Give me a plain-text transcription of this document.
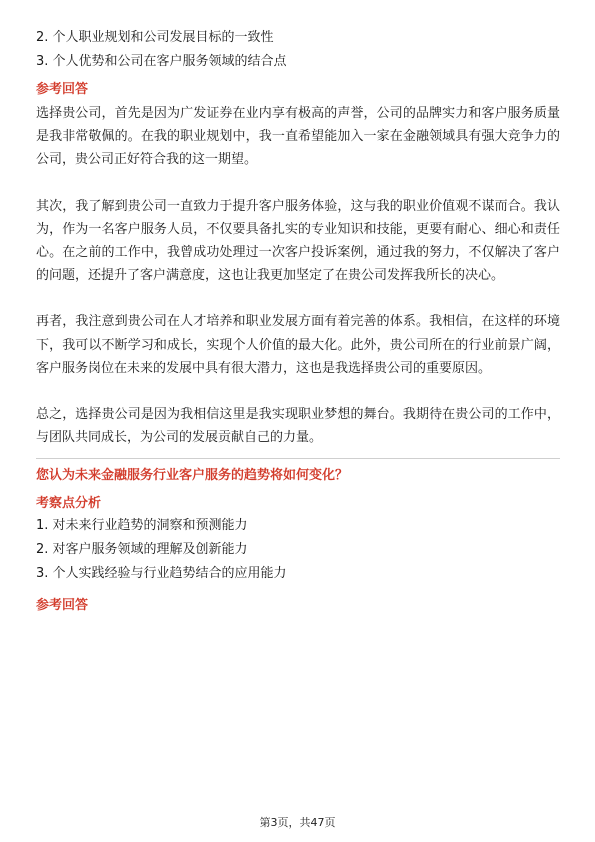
2. 个人职业规划和公司发展目标的一致性
3. 个人优势和公司在客户服务领域的结合点
参考回答

选择贵公司，首先是因为广发证券在业内享有极高的声誉，公司的品牌实力和客户服务质量是我非常敬佩的。在我的职业规划中，我一直希望能加入一家在金融领域具有强大竞争力的公司，贵公司正好符合我的这一期望。

其次，我了解到贵公司一直致力于提升客户服务体验，这与我的职业价值观不谋而合。我认为，作为一名客户服务人员，不仅要具备扎实的专业知识和技能，更要有耐心、细心和责任心。在之前的工作中，我曾成功处理过一次客户投诉案例，通过我的努力，不仅解决了客户的问题，还提升了客户满意度，这也让我更加坚定了在贵公司发挥我所长的决心。

再者，我注意到贵公司在人才培养和职业发展方面有着完善的体系。我相信，在这样的环境下，我可以不断学习和成长，实现个人价值的最大化。此外，贵公司所在的行业前景广阔，客户服务岗位在未来的发展中具有很大潜力，这也是我选择贵公司的重要原因。

总之，选择贵公司是因为我相信这里是我实现职业梦想的舞台。我期待在贵公司的工作中，与团队共同成长，为公司的发展贡献自己的力量。

您认为未来金融服务行业客户服务的趋势将如何变化？
考察点分析
1. 对未来行业趋势的洞察和预测能力
2. 对客户服务领域的理解及创新能力
3. 个人实践经验与行业趋势结合的应用能力
参考回答
第3页，共47页
